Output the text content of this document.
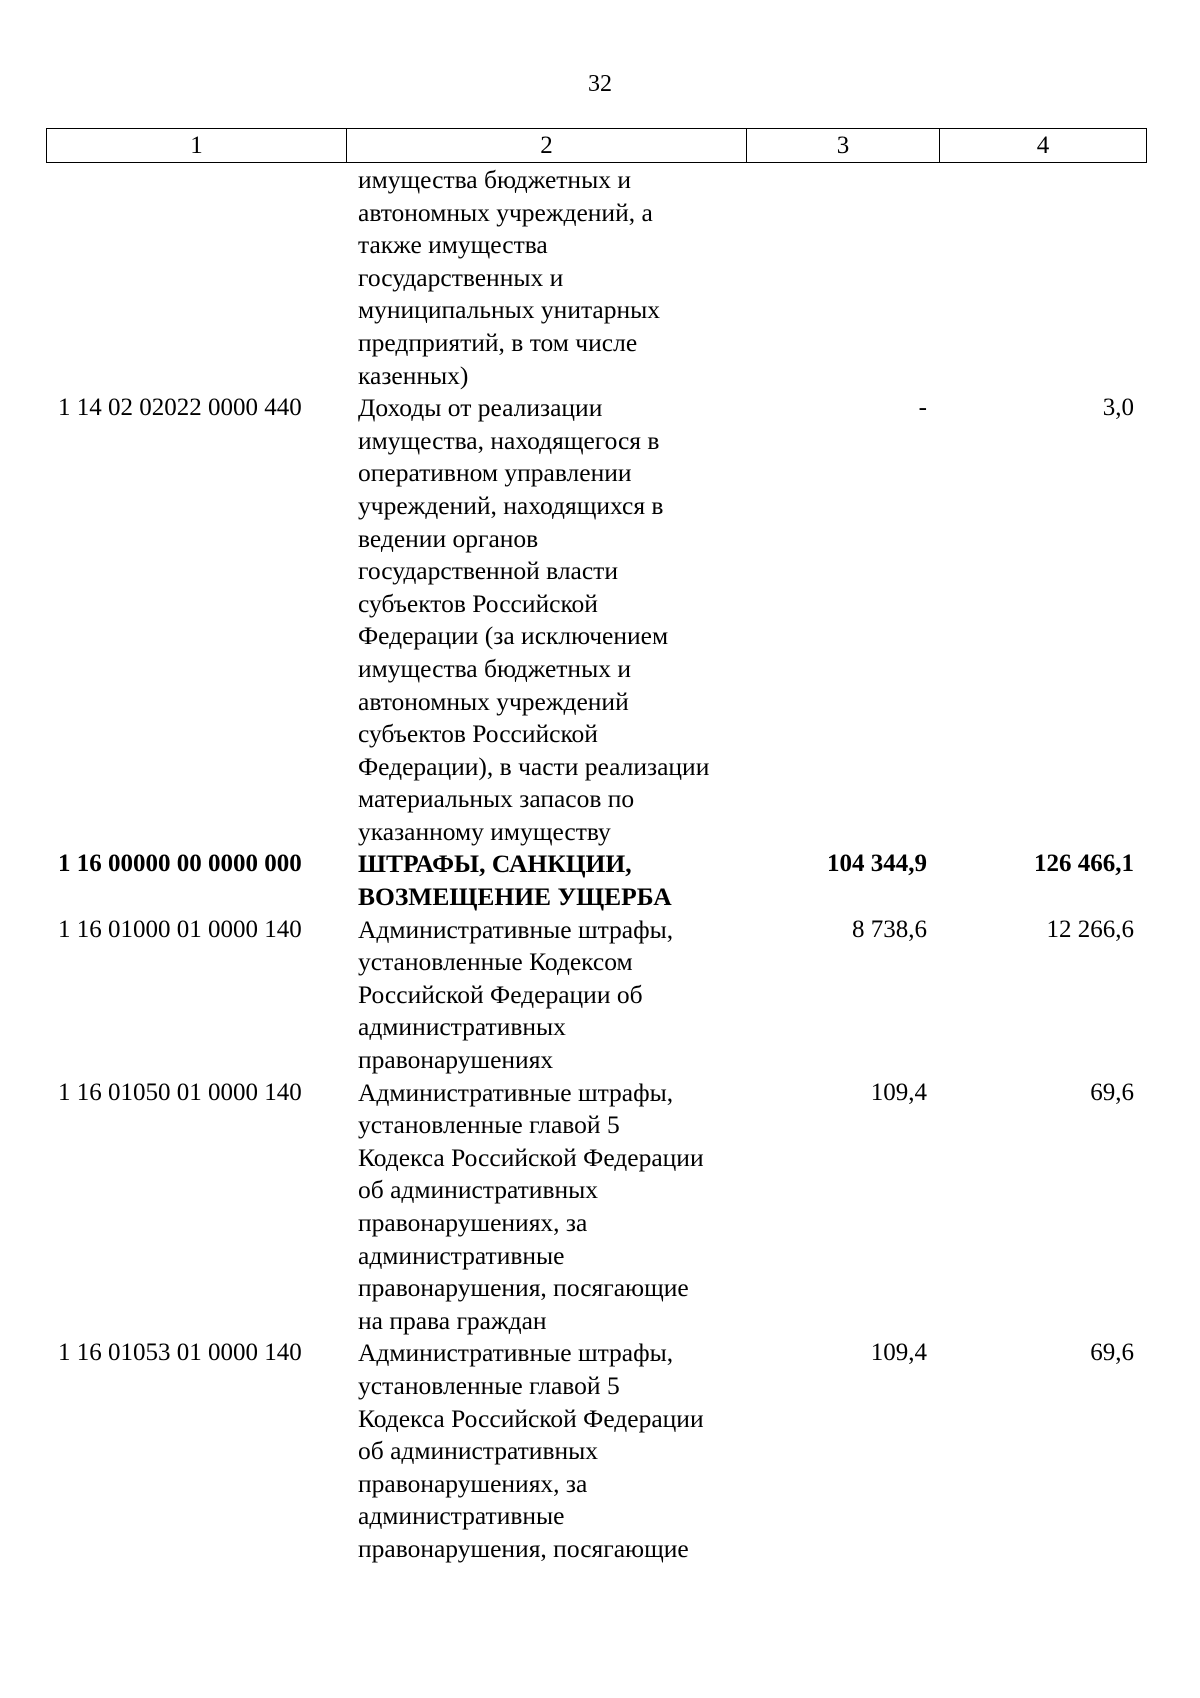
32
1	2	3	4
имущества бюджетных и
автономных учреждений, а
также имущества
государственных и
муниципальных унитарных
предприятий, в том числе
казенных)
1 14 02 02022 0000 440	Доходы от реализации
имущества, находящегося в
оперативном управлении
учреждений, находящихся в
ведении органов
государственной власти
субъектов Российской
Федерации (за исключением
имущества бюджетных и
автономных учреждений
субъектов Российской
Федерации), в части реализации
материальных запасов по
указанному имуществу
-	3,0
1 16 00000 00 0000 000	ШТРАФЫ, САНКЦИИ,
ВОЗМЕЩЕНИЕ УЩЕРБА
104 344,9	126 466,1
1 16 01000 01 0000 140	Административные штрафы,
установленные Кодексом
Российской Федерации об
административных
правонарушениях
8 738,6	12 266,6
1 16 01050 01 0000 140	Административные штрафы,
установленные главой 5
Кодекса Российской Федерации
об административных
правонарушениях, за
административные
правонарушения, посягающие
на права граждан
109,4	69,6
1 16 01053 01 0000 140	Административные штрафы,
установленные главой 5
Кодекса Российской Федерации
об административных
правонарушениях, за
административные
правонарушения, посягающие
109,4	69,6
